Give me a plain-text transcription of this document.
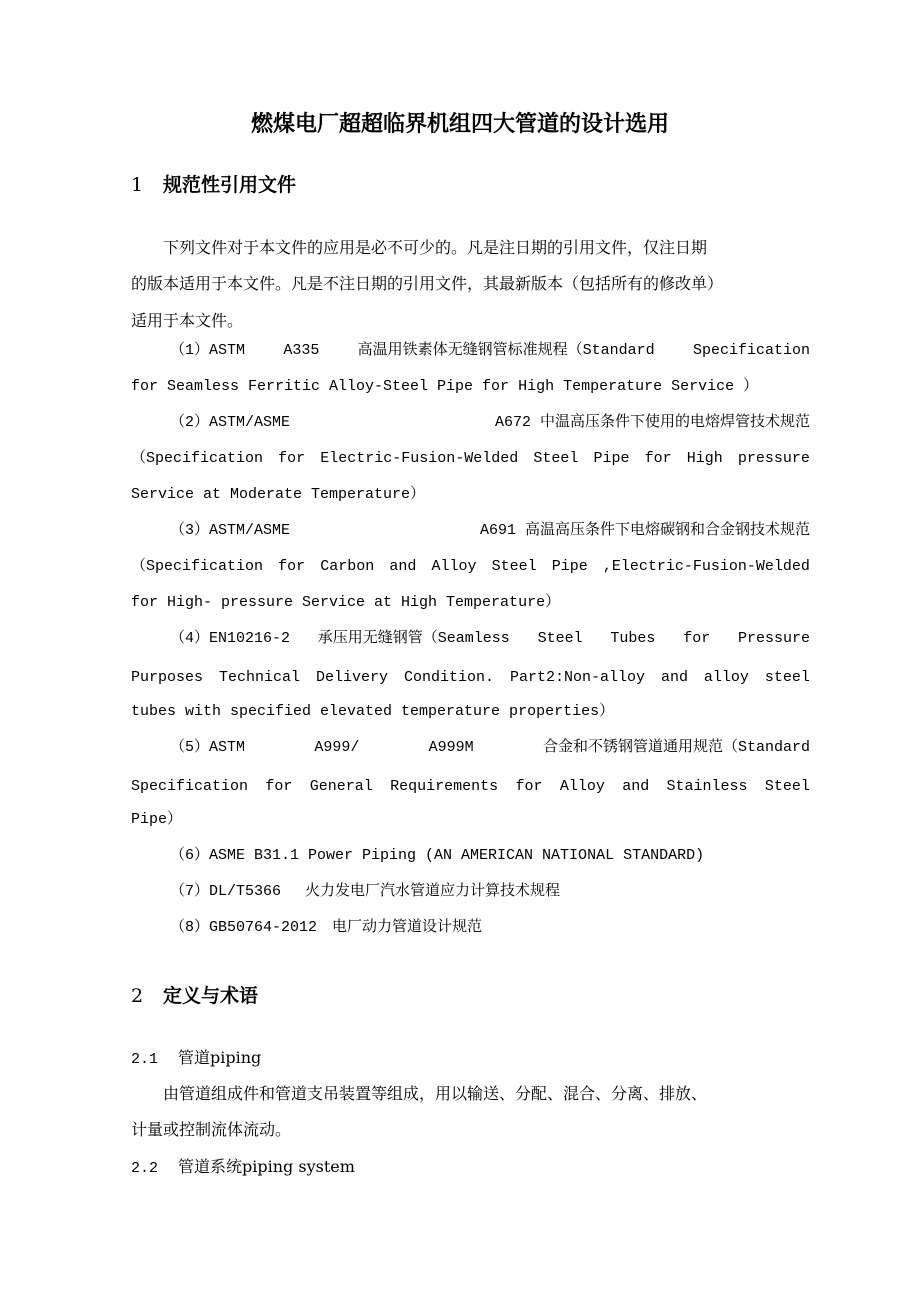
燃煤电厂超超临界机组四大管道的设计选用
1 规范性引用文件
下列文件对于本文件的应用是必不可少的。凡是注日期的引用文件，仅注日期
的版本适用于本文件。凡是不注日期的引用文件，其最新版本（包括所有的修改单）
适用于本文件。
（1）ASTM	A335	高温用铁素体无缝钢管标准规程（Standard	Specification
for Seamless Ferritic Alloy-Steel Pipe for High Temperature Service ）
（2）ASTM/ASME	A672 中温高压条件下使用的电熔焊管技术规范
（Specification for Electric-Fusion-Welded Steel Pipe for High pressure
Service at Moderate Temperature）
（3）ASTM/ASME	A691 高温高压条件下电熔碳钢和合金钢技术规范
（Specification for Carbon and Alloy Steel Pipe ,Electric-Fusion-Welded
for High- pressure Service at High Temperature）
（4）EN10216-2 承压用无缝钢管（Seamless Steel Tubes for Pressure
Purposes Technical Delivery Condition. Part2:Non-alloy and alloy steel
tubes with specified elevated temperature properties）
（5）ASTM	A999/	A999M	合金和不锈钢管道通用规范（Standard
Specification for General Requirements for Alloy and Stainless Steel
Pipe）
（6）ASME B31.1 Power Piping (AN AMERICAN NATIONAL STANDARD)
（7）DL/T5366　 火力发电厂汽水管道应力计算技术规程
（8）GB50764-2012　电厂动力管道设计规范
2 定义与术语
2.1 管道piping
由管道组成件和管道支吊装置等组成，用以输送、分配、混合、分离、排放、
计量或控制流体流动。
2.2 管道系统piping system
